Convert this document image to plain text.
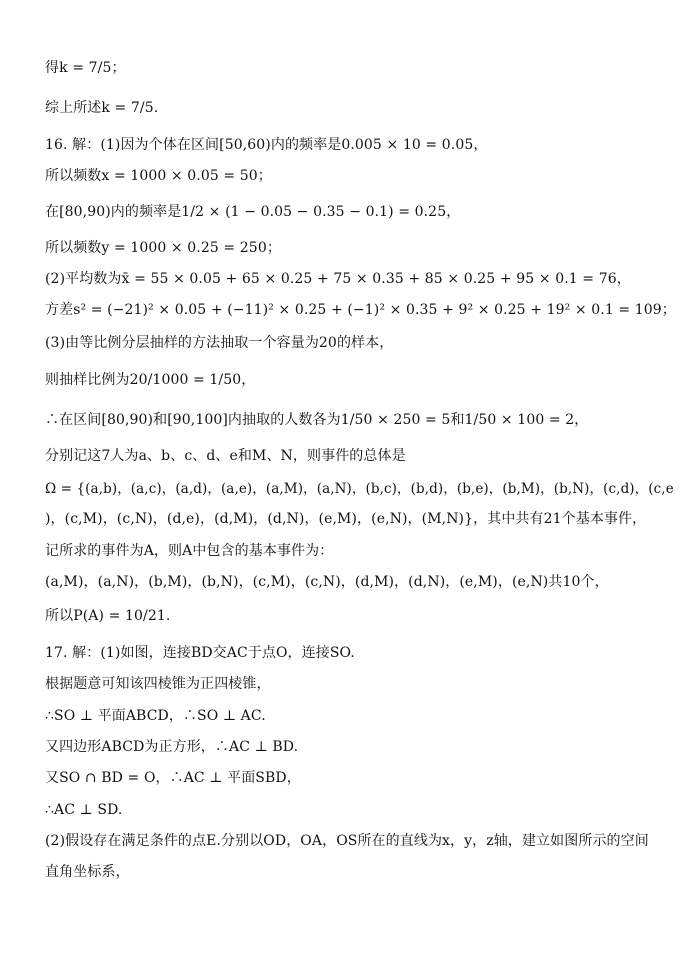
得k = 7/5；
综上所述k = 7/5.
16. 解：(1)因为个体在区间[50,60)内的频率是0.005 × 10 = 0.05，
所以频数x = 1000 × 0.05 = 50；
在[80,90)内的频率是1/2 × (1 − 0.05 − 0.35 − 0.1) = 0.25，
所以频数y = 1000 × 0.25 = 250；
(2)平均数为x̄ = 55 × 0.05 + 65 × 0.25 + 75 × 0.35 + 85 × 0.25 + 95 × 0.1 = 76，
方差s² = (−21)² × 0.05 + (−11)² × 0.25 + (−1)² × 0.35 + 9² × 0.25 + 19² × 0.1 = 109；
(3)由等比例分层抽样的方法抽取一个容量为20的样本，
则抽样比例为20/1000 = 1/50，
∴在区间[80,90)和[90,100]内抽取的人数各为1/50 × 250 = 5和1/50 × 100 = 2，
分别记这7人为a、b、c、d、e和M、N，则事件的总体是
Ω = {(a,b)，(a,c)，(a,d)，(a,e)，(a,M)，(a,N)，(b,c)，(b,d)，(b,e)，(b,M)，(b,N)，(c,d)，(c,e
)，(c,M)，(c,N)，(d,e)，(d,M)，(d,N)，(e,M)，(e,N)，(M,N)}，其中共有21个基本事件，
记所求的事件为A，则A中包含的基本事件为：
(a,M)，(a,N)，(b,M)，(b,N)，(c,M)，(c,N)，(d,M)，(d,N)，(e,M)，(e,N)共10个，
所以P(A) = 10/21.
17. 解：(1)如图，连接BD交AC于点O，连接SO.
根据题意可知该四棱锥为正四棱锥，
∴SO ⊥ 平面ABCD，∴SO ⊥ AC.
又四边形ABCD为正方形，∴AC ⊥ BD.
又SO ∩ BD = O，∴AC ⊥ 平面SBD，
∴AC ⊥ SD.
(2)假设存在满足条件的点E.分别以OD，OA，OS所在的直线为x，y，z轴，建立如图所示的空间
直角坐标系，
